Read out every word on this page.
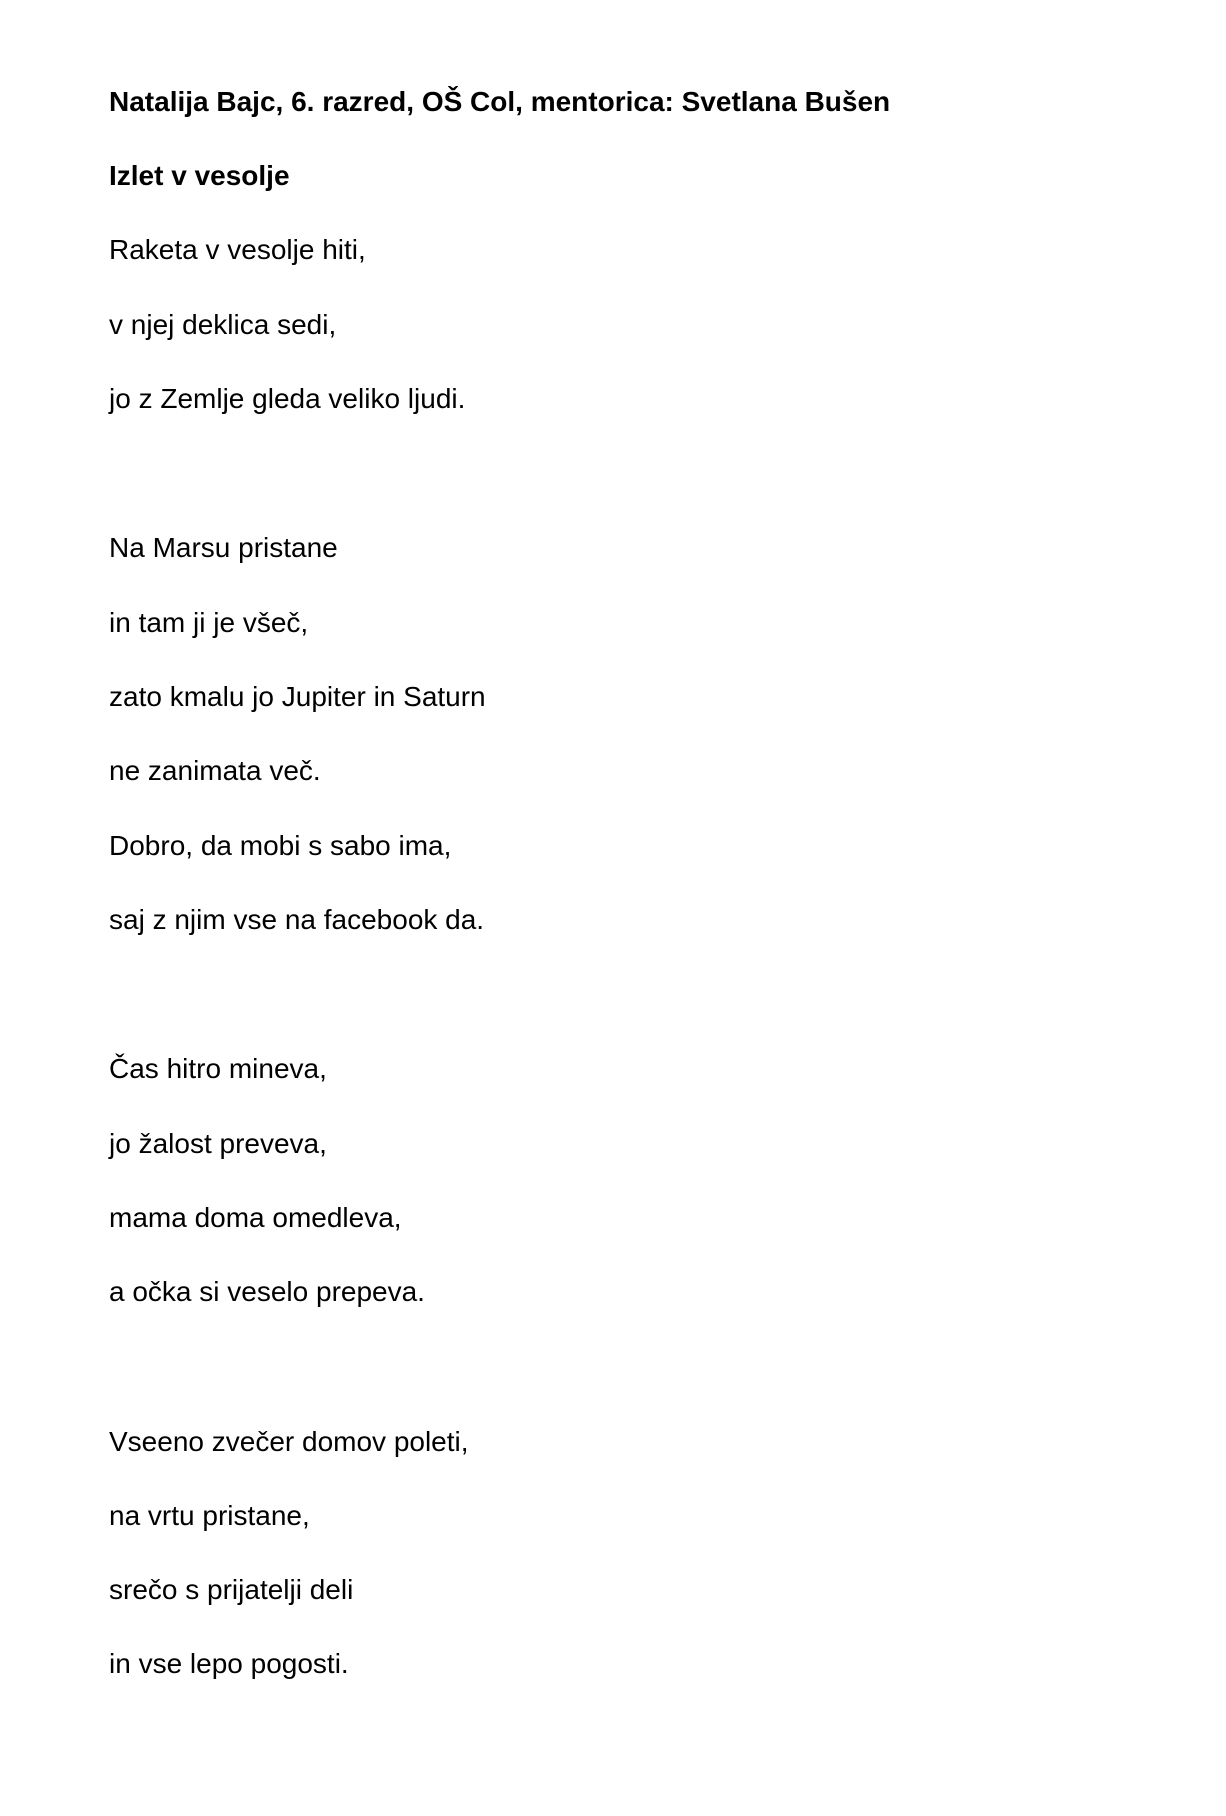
Natalija Bajc, 6. razred, OŠ Col, mentorica: Svetlana Bušen
Izlet v vesolje
Raketa v vesolje hiti,
v njej deklica sedi,
jo z Zemlje gleda veliko ljudi.
Na Marsu pristane
in tam ji je všeč,
zato kmalu jo Jupiter in Saturn
ne zanimata več.
Dobro, da mobi s sabo ima,
saj z njim vse na facebook da.
Čas hitro mineva,
jo žalost preveva,
mama doma omedleva,
a očka si veselo prepeva.
Vseeno zvečer domov poleti,
na vrtu pristane,
srečo s prijatelji deli
in vse lepo pogosti.
